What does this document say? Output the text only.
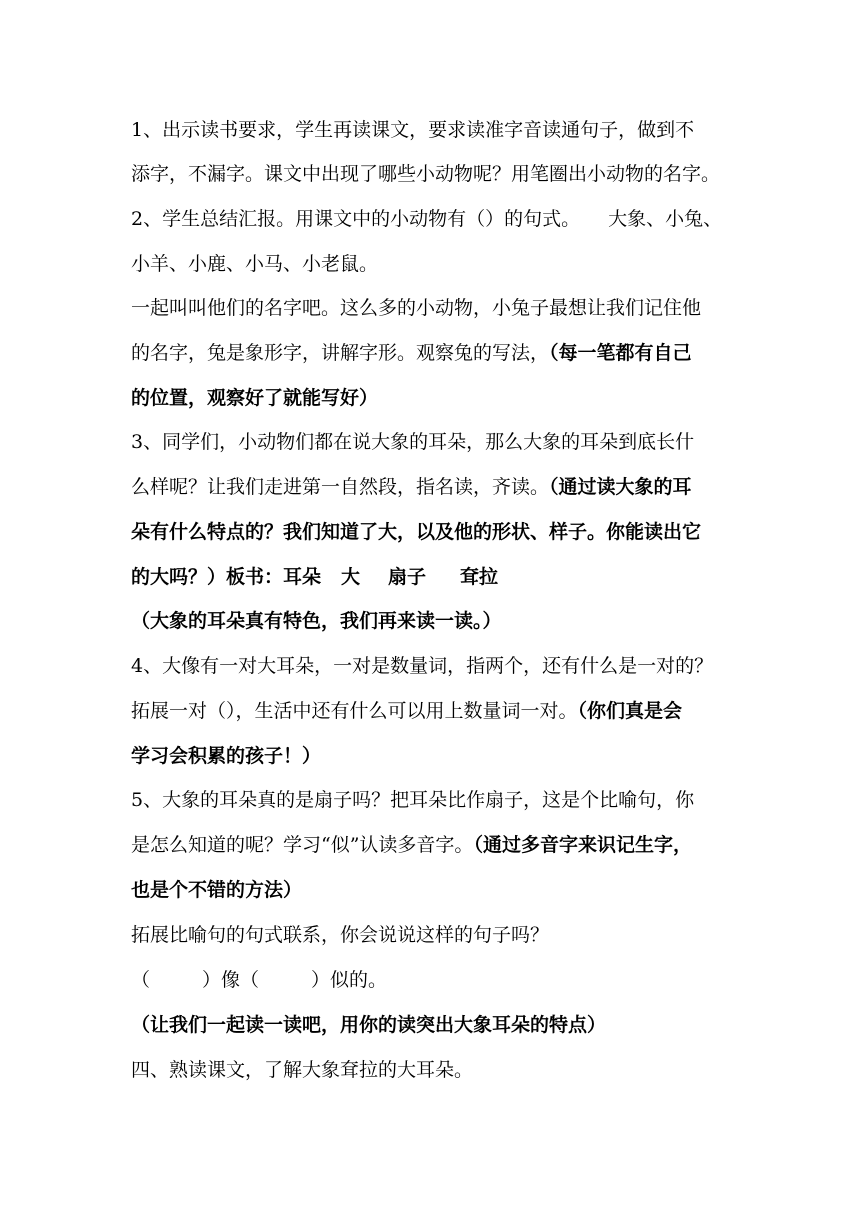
1、出示读书要求，学生再读课文，要求读准字音读通句子，做到不
添字，不漏字。课文中出现了哪些小动物呢？用笔圈出小动物的名字。
2、学生总结汇报。用课文中的小动物有（）的句式。 大象、小兔、
小羊、小鹿、小马、小老鼠。
一起叫叫他们的名字吧。这么多的小动物，小兔子最想让我们记住他
的名字，兔是象形字，讲解字形。观察兔的写法，（每一笔都有自己
的位置，观察好了就能写好）
3、同学们，小动物们都在说大象的耳朵，那么大象的耳朵到底长什
么样呢？让我们走进第一自然段，指名读，齐读。（通过读大象的耳
朵有什么特点的？我们知道了大，以及他的形状、样子。你能读出它
的大吗？）板书：耳朵 大 扇子 耷拉
（大象的耳朵真有特色，我们再来读一读。）
4、大像有一对大耳朵，一对是数量词，指两个，还有什么是一对的？
拓展一对（），生活中还有什么可以用上数量词一对。（你们真是会
学习会积累的孩子！）
5、大象的耳朵真的是扇子吗？把耳朵比作扇子，这是个比喻句，你
是怎么知道的呢？学习“似”认读多音字。（通过多音字来识记生字，
也是个不错的方法）
拓展比喻句的句式联系，你会说说这样的句子吗？
（	）像（	）似的。
（让我们一起读一读吧，用你的读突出大象耳朵的特点）
四、熟读课文，了解大象耷拉的大耳朵。
